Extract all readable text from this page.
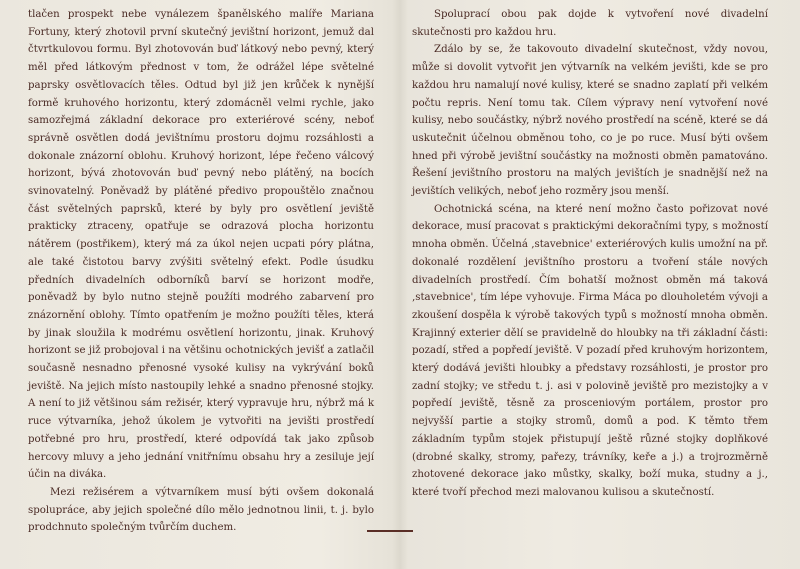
tlačen prospekt nebe vynálezem španělského malíře Mariana Fortuny, který zhotovil první skutečný jevištní horizont, jemuž dal čtvrtkulovou formu. Byl zhotovován buď látkový nebo pevný, který měl před látkovým přednost v tom, že odrážel lépe světelné paprsky osvětlovacích těles. Odtud byl již jen krůček k nynější formě kruhového horizontu, který zdomácněl velmi rychle, jako samozřejmá základní dekorace pro exteriérové scény, neboť správně osvětlen dodá jevištnímu prostoru dojmu rozsáhlosti a dokonale znázorní oblohu. Kruhový horizont, lépe řečeno válcový horizont, bývá zhotovován buď pevný nebo plátěný, na bocích svinovatelný. Poněvadž by plátěné předivo propouštělo značnou část světelných paprsků, které by byly pro osvětlení jeviště prakticky ztraceny, opatřuje se odrazová plocha horizontu nátěrem (postřikem), který má za úkol nejen ucpati póry plátna, ale také čistotou barvy zvýšiti světelný efekt. Podle úsudku předních divadelních odborníků barví se horizont modře, poněvadž by bylo nutno stejně použíti modrého zabarvení pro znázornění oblohy. Tímto opatřením je možno použíti těles, která by jinak sloužila k modrému osvětlení horizontu, jinak. Kruhový horizont se již probojoval i na většinu ochotnických jevišť a zatlačil současně nesnadno přenosné vysoké kulisy na vykrývání boků jeviště. Na jejich místo nastoupily lehké a snadno přenosné stojky. A není to již většinou sám režisér, který vypravuje hru, nýbrž má k ruce výtvarníka, jehož úkolem je vytvořiti na jevišti prostředí potřebné pro hru, prostředí, které odpovídá tak jako způsob hercovy mluvy a jeho jednání vnitřnímu obsahu hry a zesiluje její účin na diváka.

Mezi režisérem a výtvarníkem musí býti ovšem dokonalá spolupráce, aby jejich společné dílo mělo jednotnou linii, t. j. bylo prodchnuto společným tvůrčím duchem.

Spoluprací obou pak dojde k vytvoření nové divadelní skutečnosti pro každou hru.

Zdálo by se, že takovouto divadelní skutečnost, vždy novou, může si dovolit vytvořit jen výtvarník na velkém jevišti, kde se pro každou hru namalují nové kulisy, které se snadno zaplatí při velkém počtu repris. Není tomu tak. Cílem výpravy není vytvoření nové kulisy, nebo součástky, nýbrž nového prostředí na scéně, které se dá uskutečnit účelnou obměnou toho, co je po ruce. Musí býti ovšem hned při výrobě jevištní součástky na možnosti obměn pamatováno. Řešení jevištního prostoru na malých jevištích je snadnější než na jevištích velikých, neboť jeho rozměry jsou menší.

Ochotnická scéna, na které není možno často pořizovat nové dekorace, musí pracovat s praktickými dekoračními typy, s možností mnoha obměn. Účelná ‚stavebnice' exteriérových kulis umožní na př. dokonalé rozdělení jevištního prostoru a tvoření stále nových divadelních prostředí. Čím bohatší možnost obměn má taková ‚stavebnice', tím lépe vyhovuje. Firma Máca po dlouholetém vývoji a zkoušení dospěla k výrobě takových typů s možností mnoha obměn. Krajinný exterier dělí se pravidelně do hloubky na tři základní části: pozadí, střed a popředí jeviště. V pozadí před kruhovým horizontem, který dodává jevišti hloubky a představy rozsáhlosti, je prostor pro zadní stojky; ve středu t. j. asi v polovině jeviště pro mezistojky a v popředí jeviště, těsně za prosceniovým portálem, prostor pro nejvyšší partie a stojky stromů, domů a pod. K těmto třem základním typům stojek přistupují ještě různé stojky doplňkové (drobné skalky, stromy, pařezy, trávníky, keře a j.) a trojrozměrně zhotovené dekorace jako můstky, skalky, boží muka, studny a j., které tvoří přechod mezi malovanou kulisou a skutečností.
